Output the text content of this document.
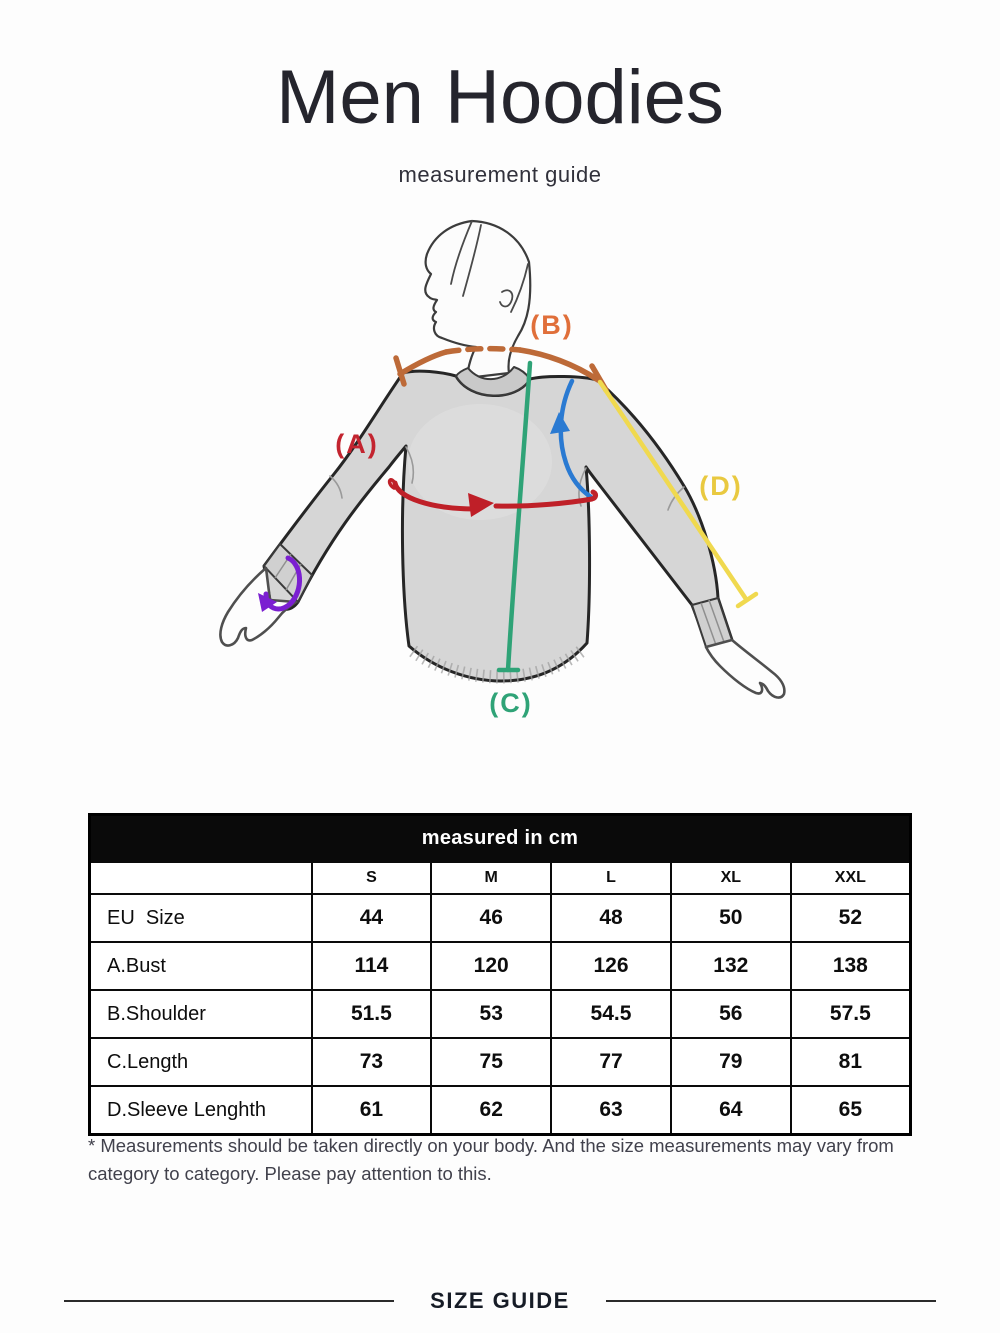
Men Hoodies
measurement guide
(A)
(B)
(C)
(D)
measured in cm					
	S	M	L	XL	XXL
EU  Size	44	46	48	50	52
A.Bust	114	120	126	132	138
B.Shoulder	51.5	53	54.5	56	57.5
C.Length	73	75	77	79	81
D.Sleeve Lenghth	61	62	63	64	65
* Measurements should be taken directly on your body. And the size measurements may vary from category to category. Please pay attention to this.
SIZE GUIDE
